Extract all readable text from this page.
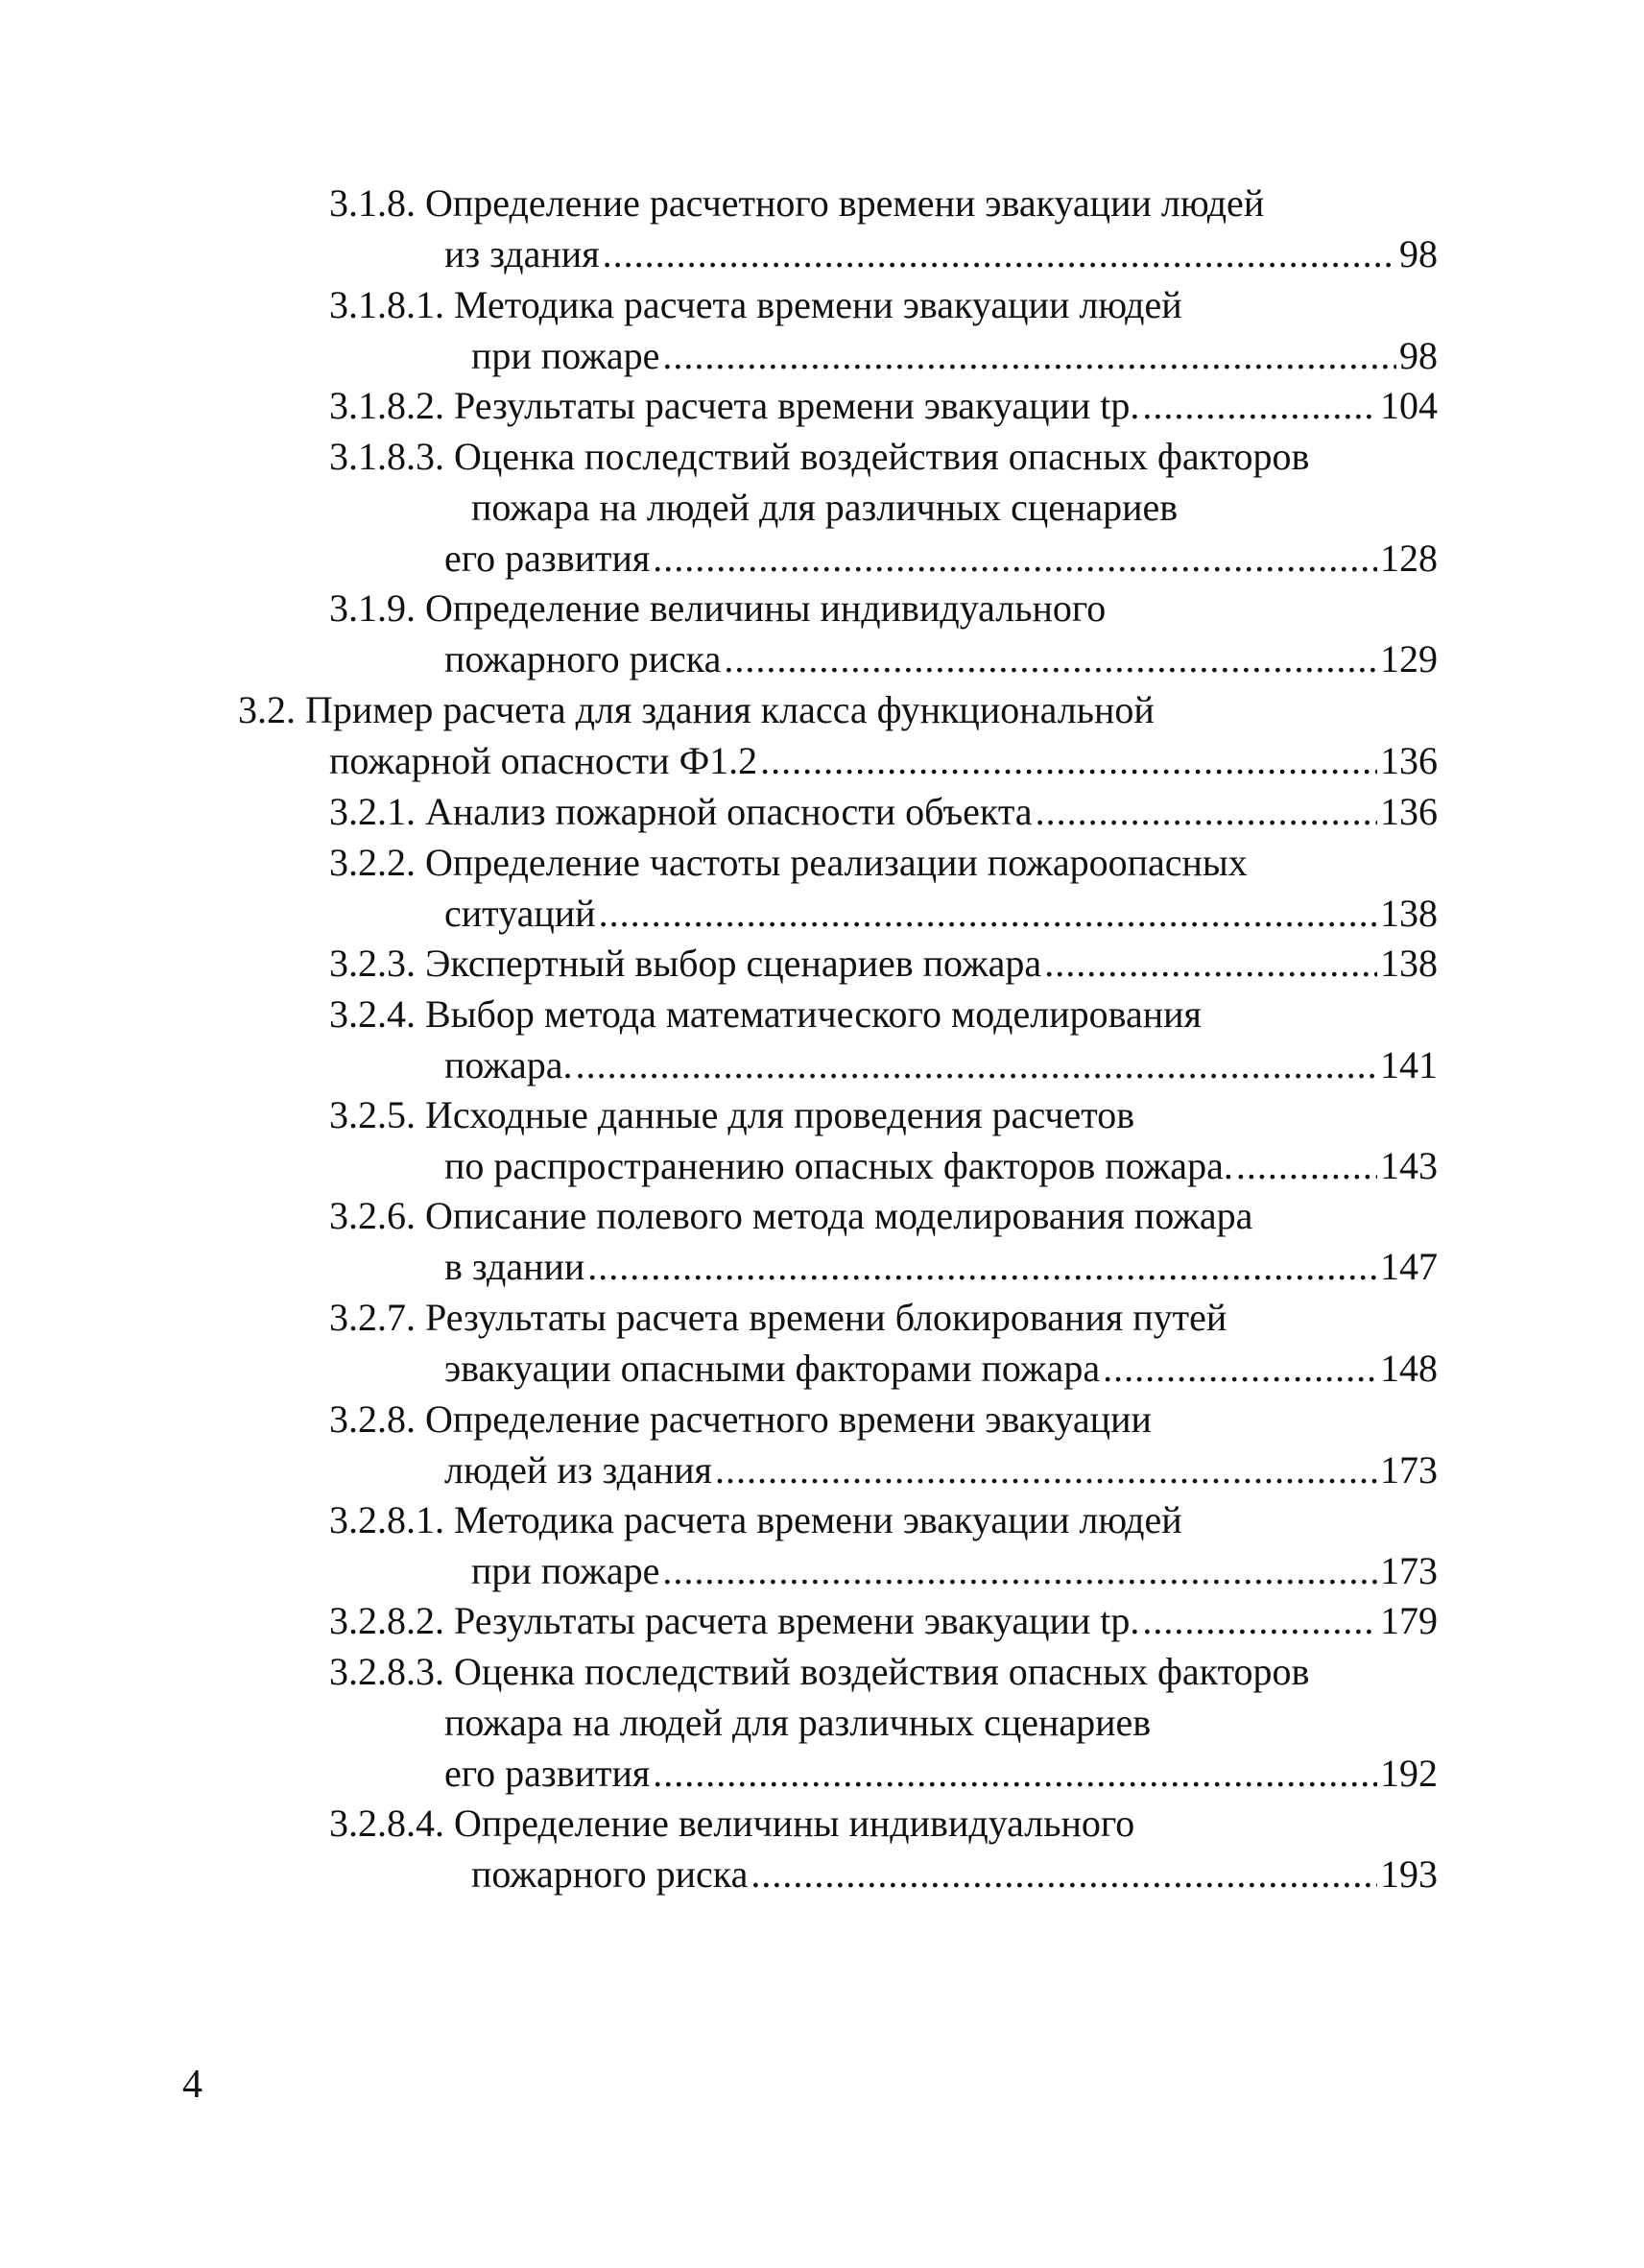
3.1.8. Определение расчетного времени эвакуации людей
из здания .....	98
3.1.8.1. Методика расчета времени эвакуации людей
при пожаре .....	98
3.1.8.2. Результаты расчета времени эвакуации tр. .....	104
3.1.8.3. Оценка последствий воздействия опасных факторов
пожара на людей для различных сценариев
его развития .....	128
3.1.9. Определение величины индивидуального
пожарного риска .....	129
3.2. Пример расчета для здания класса функциональной
пожарной опасности Ф1.2 .....	136
3.2.1. Анализ пожарной опасности объекта .....	136
3.2.2. Определение частоты реализации пожароопасных
ситуаций .....	138
3.2.3. Экспертный выбор сценариев пожара .....	138
3.2.4. Выбор метода математического моделирования
пожара. .....	141
3.2.5. Исходные данные для проведения расчетов
по распространению опасных факторов пожара. .....	143
3.2.6. Описание полевого метода моделирования пожара
в здании .....	147
3.2.7. Результаты расчета времени блокирования путей
эвакуации опасными факторами пожара .....	148
3.2.8. Определение расчетного времени эвакуации
людей из здания .....	173
3.2.8.1. Методика расчета времени эвакуации людей
при пожаре .....	173
3.2.8.2. Результаты расчета времени эвакуации tр. .....	179
3.2.8.3. Оценка последствий воздействия опасных факторов
пожара на людей для различных сценариев
его развития .....	192
3.2.8.4. Определение величины индивидуального
пожарного риска .....	193
4
